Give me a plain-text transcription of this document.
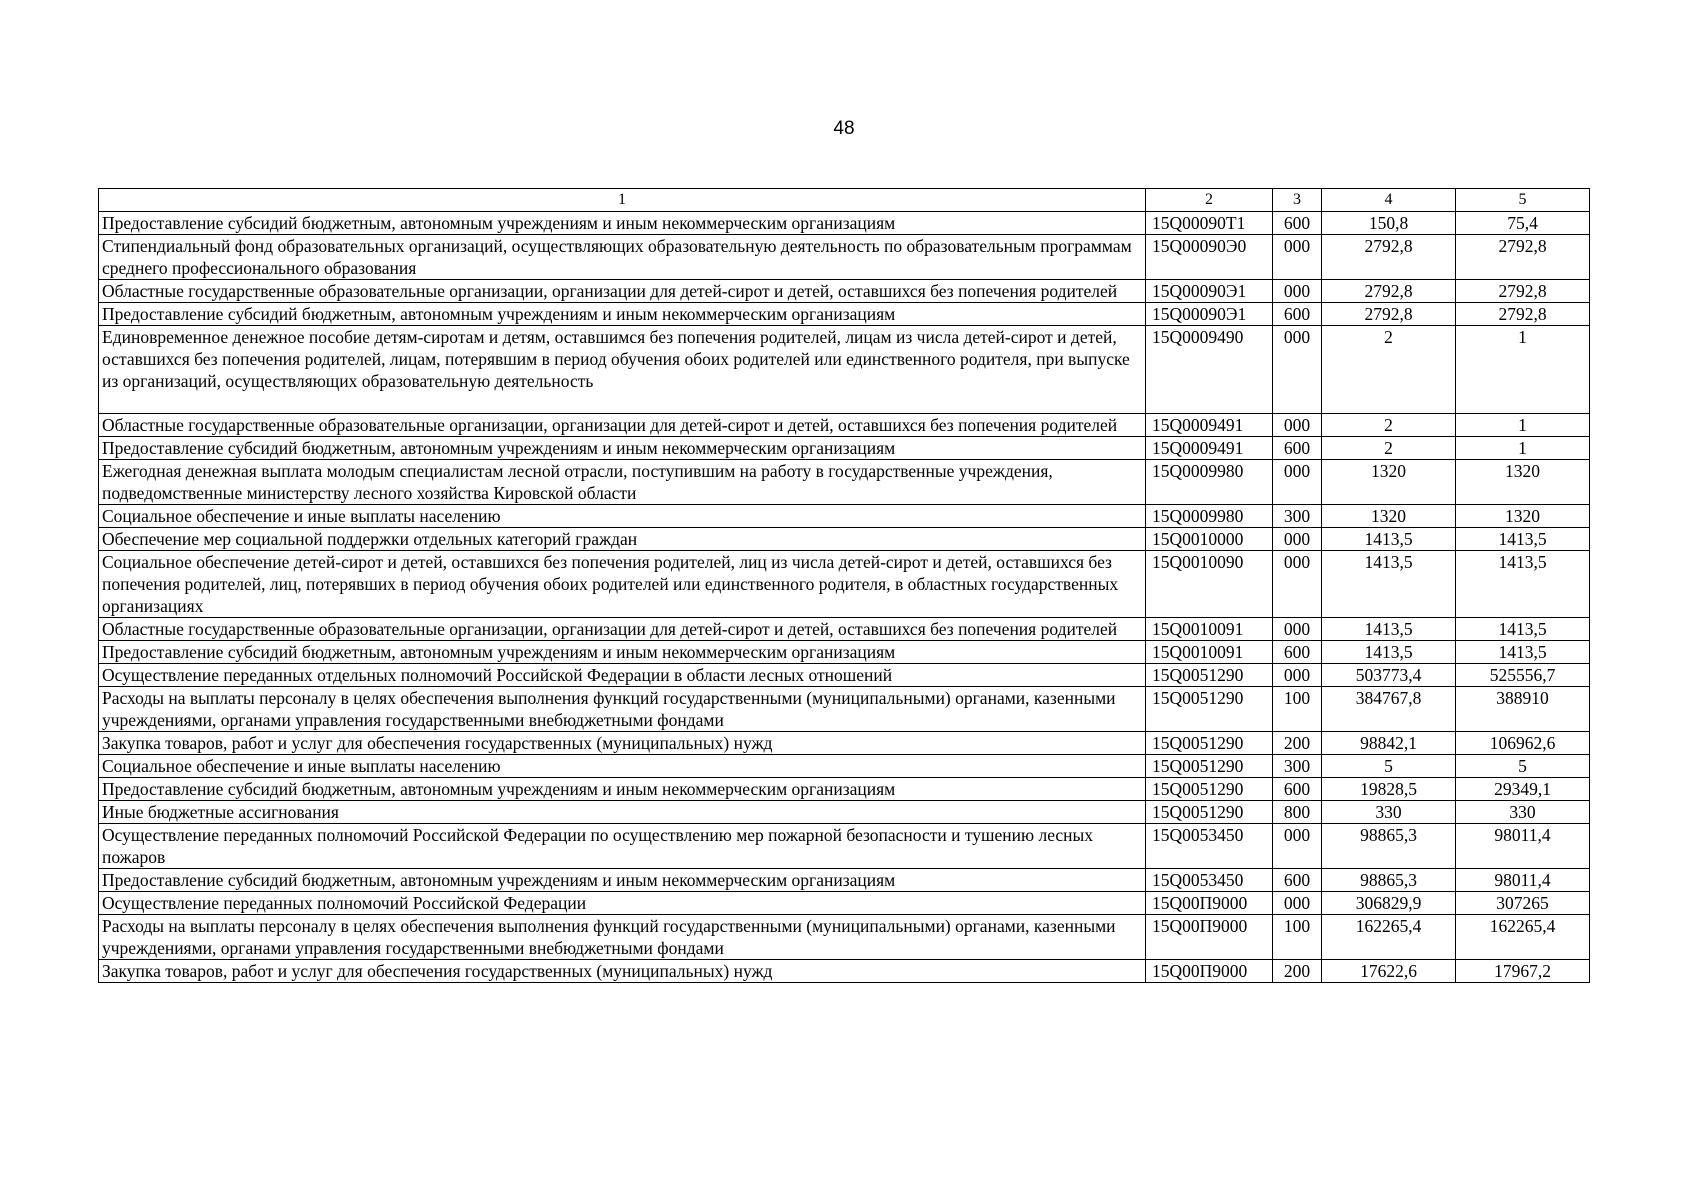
48
1	2	3	4	5
Предоставление субсидий бюджетным, автономным учреждениям и иным некоммерческим организациям	15Q00090Т1	600	150,8	75,4
Стипендиальный фонд образовательных организаций, осуществляющих образовательную деятельность по образовательным программам среднего профессионального образования	15Q00090Э0	000	2792,8	2792,8
Областные государственные образовательные организации, организации для детей-сирот и детей, оставшихся без попечения родителей	15Q00090Э1	000	2792,8	2792,8
Предоставление субсидий бюджетным, автономным учреждениям и иным некоммерческим организациям	15Q00090Э1	600	2792,8	2792,8
Единовременное денежное пособие детям-сиротам и детям, оставшимся без попечения родителей, лицам из числа детей-сирот и детей, оставшихся без попечения родителей, лицам, потерявшим в период обучения обоих родителей или единственного родителя, при выпуске из организаций, осуществляющих образовательную деятельность	15Q0009490	000	2	1
Областные государственные образовательные организации, организации для детей-сирот и детей, оставшихся без попечения родителей	15Q0009491	000	2	1
Предоставление субсидий бюджетным, автономным учреждениям и иным некоммерческим организациям	15Q0009491	600	2	1
Ежегодная денежная выплата молодым специалистам лесной отрасли, поступившим на работу в государственные учреждения, подведомственные министерству лесного хозяйства Кировской области	15Q0009980	000	1320	1320
Социальное обеспечение и иные выплаты населению	15Q0009980	300	1320	1320
Обеспечение мер социальной поддержки отдельных категорий граждан	15Q0010000	000	1413,5	1413,5
Социальное обеспечение детей-сирот и детей, оставшихся без попечения родителей, лиц из числа детей-сирот и детей, оставшихся без попечения родителей, лиц, потерявших в период обучения обоих родителей или единственного родителя, в областных государственных организациях	15Q0010090	000	1413,5	1413,5
Областные государственные образовательные организации, организации для детей-сирот и детей, оставшихся без попечения родителей	15Q0010091	000	1413,5	1413,5
Предоставление субсидий бюджетным, автономным учреждениям и иным некоммерческим организациям	15Q0010091	600	1413,5	1413,5
Осуществление переданных отдельных полномочий Российской Федерации в области лесных отношений	15Q0051290	000	503773,4	525556,7
Расходы на выплаты персоналу в целях обеспечения выполнения функций государственными (муниципальными) органами, казенными учреждениями, органами управления государственными внебюджетными фондами	15Q0051290	100	384767,8	388910
Закупка товаров, работ и услуг для обеспечения государственных (муниципальных) нужд	15Q0051290	200	98842,1	106962,6
Социальное обеспечение и иные выплаты населению	15Q0051290	300	5	5
Предоставление субсидий бюджетным, автономным учреждениям и иным некоммерческим организациям	15Q0051290	600	19828,5	29349,1
Иные бюджетные ассигнования	15Q0051290	800	330	330
Осуществление переданных полномочий Российской Федерации по осуществлению мер пожарной безопасности и тушению лесных пожаров	15Q0053450	000	98865,3	98011,4
Предоставление субсидий бюджетным, автономным учреждениям и иным некоммерческим организациям	15Q0053450	600	98865,3	98011,4
Осуществление переданных полномочий Российской Федерации	15Q00П9000	000	306829,9	307265
Расходы на выплаты персоналу в целях обеспечения выполнения функций государственными (муниципальными) органами, казенными учреждениями, органами управления государственными внебюджетными фондами	15Q00П9000	100	162265,4	162265,4
Закупка товаров, работ и услуг для обеспечения государственных (муниципальных) нужд	15Q00П9000	200	17622,6	17967,2
